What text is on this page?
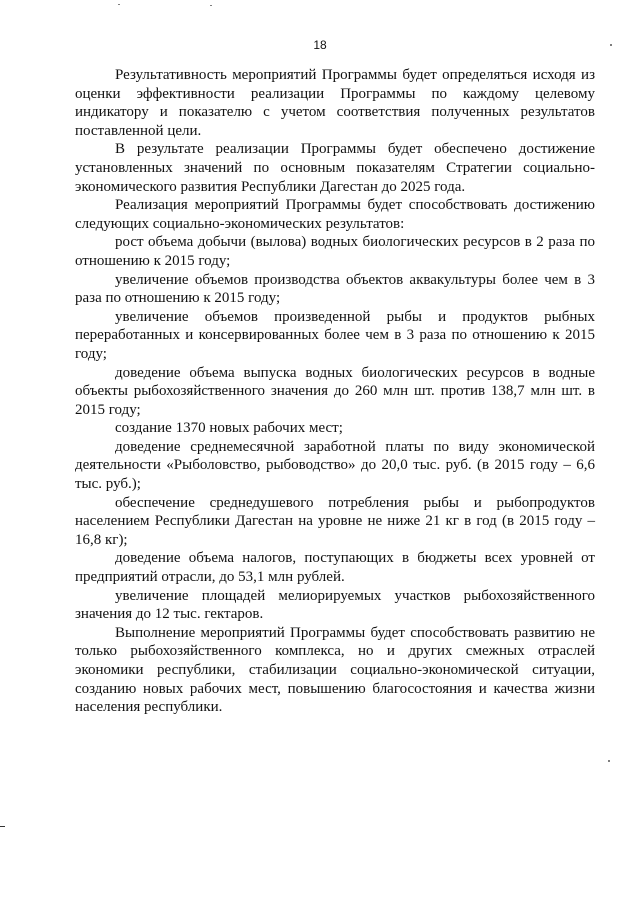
18

Результативность мероприятий Программы будет определяться исходя из оценки эффективности реализации Программы по каждому целевому индикатору и показателю с учетом соответствия полученных результатов поставленной цели.

В результате реализации Программы будет обеспечено достижение установленных значений по основным показателям Стратегии социально-экономического развития Республики Дагестан до 2025 года.

Реализация мероприятий Программы будет способствовать достижению следующих социально-экономических результатов:

рост объема добычи (вылова) водных биологических ресурсов в 2 раза по отношению к 2015 году;

увеличение объемов производства объектов аквакультуры более чем в 3 раза по отношению к 2015 году;

увеличение объемов произведенной рыбы и продуктов рыбных переработанных и консервированных более чем в 3 раза по отношению к 2015 году;

доведение объема выпуска водных биологических ресурсов в водные объекты рыбохозяйственного значения до 260 млн шт. против 138,7 млн шт. в 2015 году;

создание 1370 новых рабочих мест;

доведение среднемесячной заработной платы по виду экономической деятельности «Рыболовство, рыбоводство» до 20,0 тыс. руб. (в 2015 году – 6,6 тыс. руб.);

обеспечение среднедушевого потребления рыбы и рыбопродуктов населением Республики Дагестан на уровне не ниже 21 кг в год (в 2015 году – 16,8 кг);

доведение объема налогов, поступающих в бюджеты всех уровней от предприятий отрасли, до 53,1 млн рублей.

увеличение площадей мелиорируемых участков рыбохозяйственного значения до 12 тыс. гектаров.

Выполнение мероприятий Программы будет способствовать развитию не только рыбохозяйственного комплекса, но и других смежных отраслей экономики республики, стабилизации социально-экономической ситуации, созданию новых рабочих мест, повышению благосостояния и качества жизни населения республики.
